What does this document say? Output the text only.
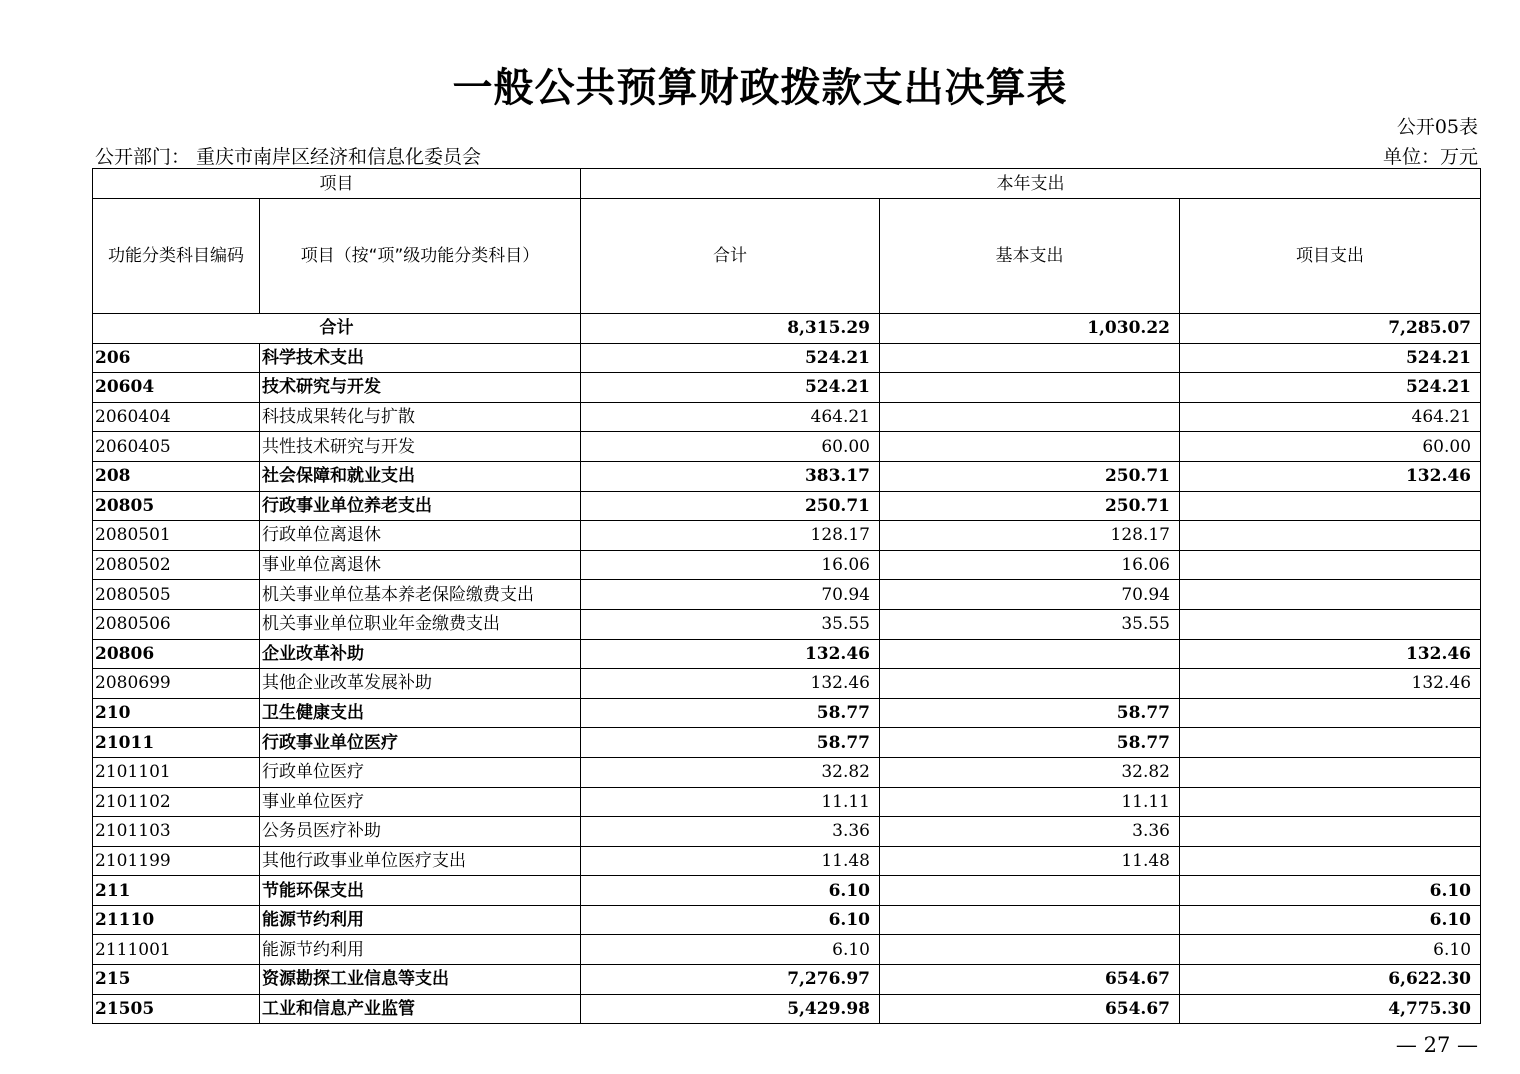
一般公共预算财政拨款支出决算表
公开05表
公开部门： 重庆市南岸区经济和信息化委员会	单位：万元
项目		本年支出		
功能分类科目编码	项目（按“项”级功能分类科目）	合计	基本支出	项目支出
合计		8,315.29	1,030.22	7,285.07
206	科学技术支出	524.21		524.21
20604	技术研究与开发	524.21		524.21
2060404	科技成果转化与扩散	464.21		464.21
2060405	共性技术研究与开发	60.00		60.00
208	社会保障和就业支出	383.17	250.71	132.46
20805	行政事业单位养老支出	250.71	250.71	
2080501	行政单位离退休	128.17	128.17	
2080502	事业单位离退休	16.06	16.06	
2080505	机关事业单位基本养老保险缴费支出	70.94	70.94	
2080506	机关事业单位职业年金缴费支出	35.55	35.55	
20806	企业改革补助	132.46		132.46
2080699	其他企业改革发展补助	132.46		132.46
210	卫生健康支出	58.77	58.77	
21011	行政事业单位医疗	58.77	58.77	
2101101	行政单位医疗	32.82	32.82	
2101102	事业单位医疗	11.11	11.11	
2101103	公务员医疗补助	3.36	3.36	
2101199	其他行政事业单位医疗支出	11.48	11.48	
211	节能环保支出	6.10		6.10
21110	能源节约利用	6.10		6.10
2111001	能源节约利用	6.10		6.10
215	资源勘探工业信息等支出	7,276.97	654.67	6,622.30
21505	工业和信息产业监管	5,429.98	654.67	4,775.30
— 27 —
